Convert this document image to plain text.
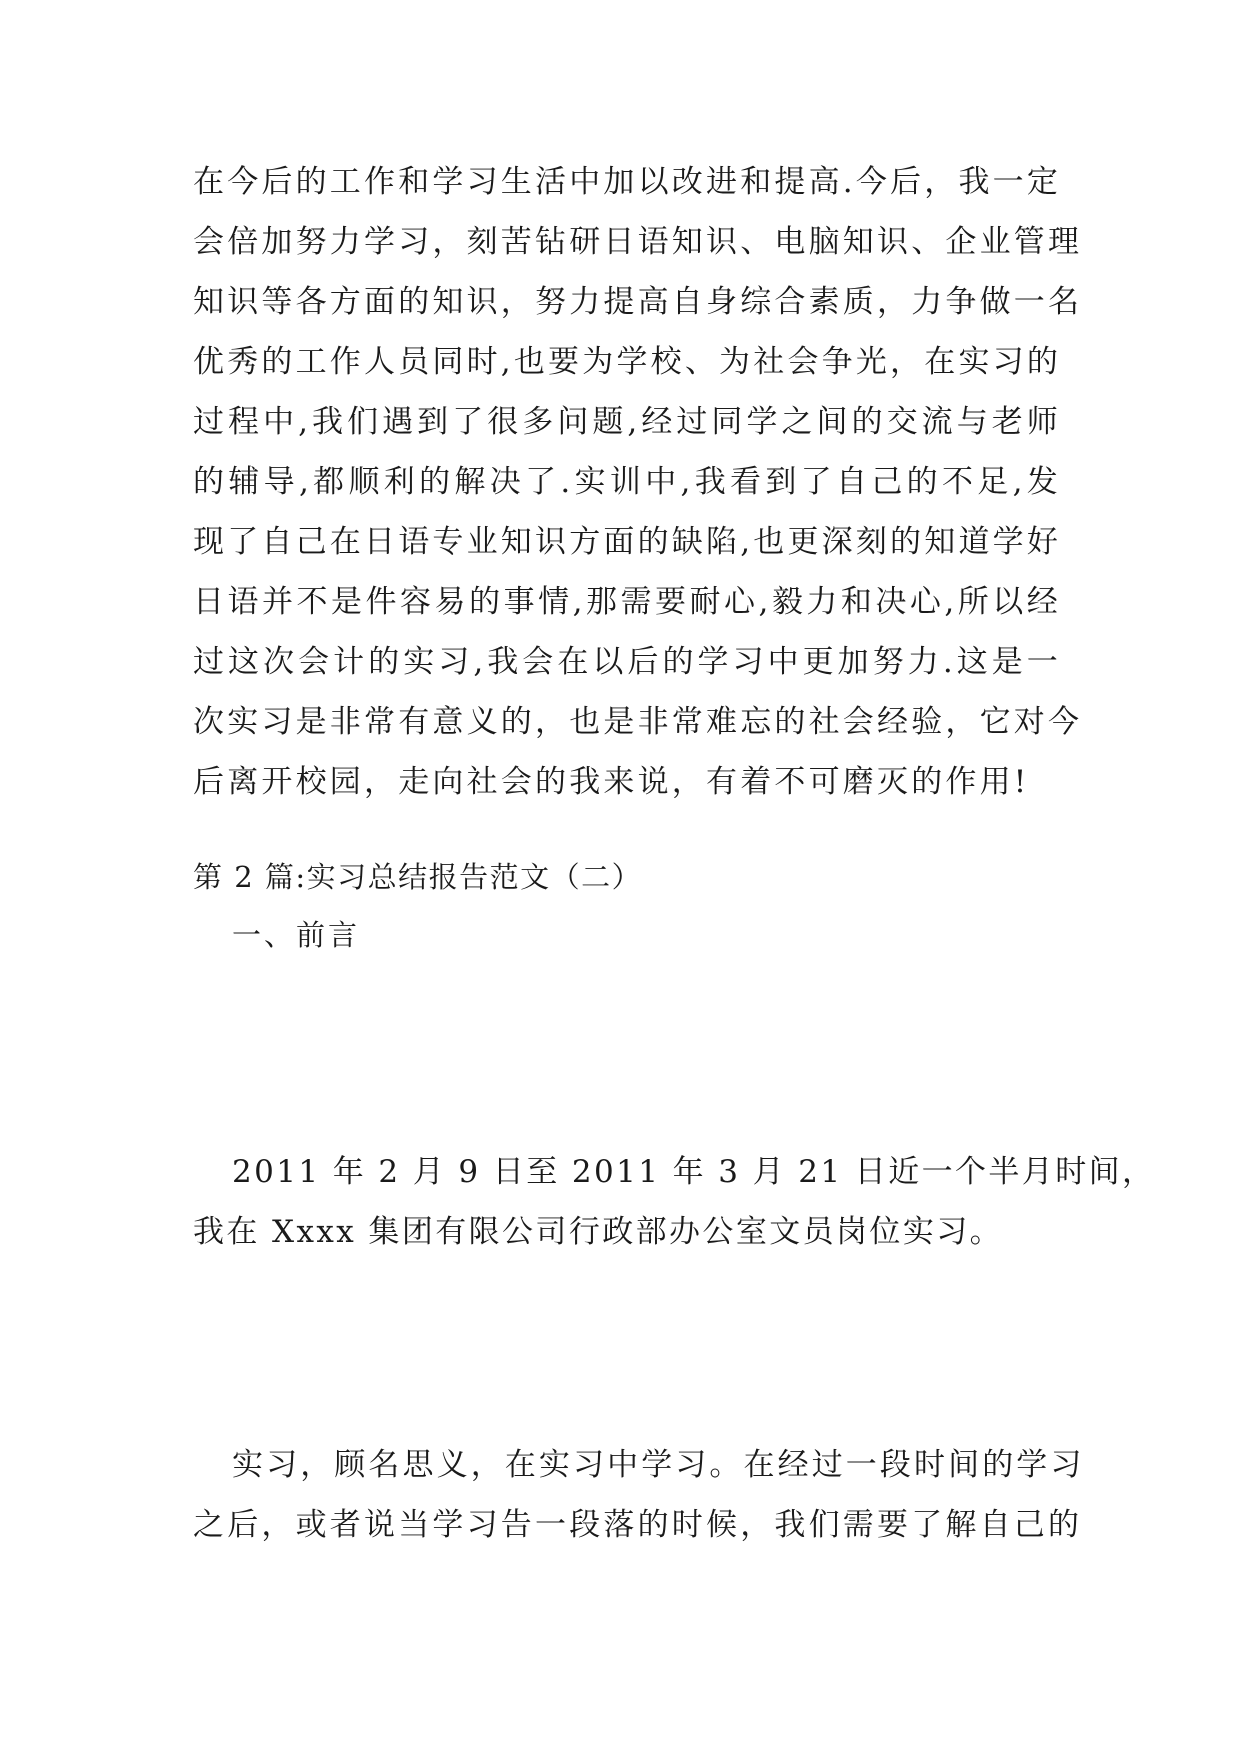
在今后的工作和学习生活中加以改进和提高.今后，我一定
会倍加努力学习，刻苦钻研日语知识、电脑知识、企业管理
知识等各方面的知识，努力提高自身综合素质，力争做一名
优秀的工作人员同时,也要为学校、为社会争光，在实习的
过程中,我们遇到了很多问题,经过同学之间的交流与老师
的辅导,都顺利的解决了.实训中,我看到了自己的不足,发
现了自己在日语专业知识方面的缺陷,也更深刻的知道学好
日语并不是件容易的事情,那需要耐心,毅力和决心,所以经
过这次会计的实习,我会在以后的学习中更加努力.这是一
次实习是非常有意义的，也是非常难忘的社会经验，它对今
后离开校园，走向社会的我来说，有着不可磨灭的作用!
第 2 篇:实习总结报告范文（二）
一、前言
2011 年 2 月 9 日至 2011 年 3 月 21 日近一个半月时间，
我在 Xxxx 集团有限公司行政部办公室文员岗位实习。
实习，顾名思义，在实习中学习。在经过一段时间的学习
之后，或者说当学习告一段落的时候，我们需要了解自己的
